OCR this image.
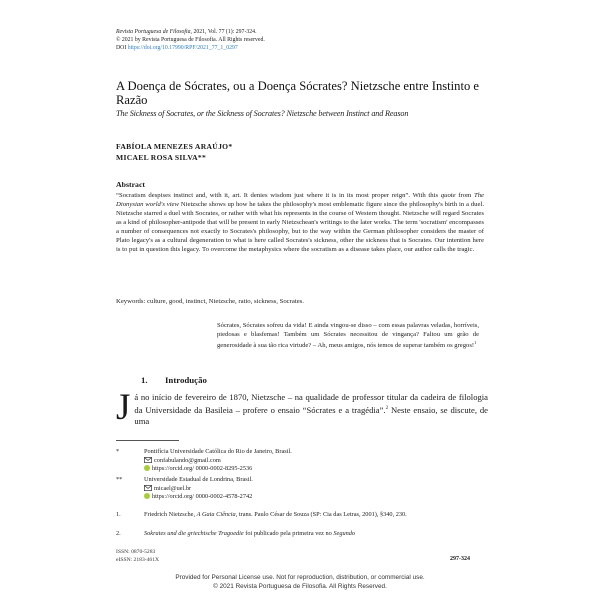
Revista Portuguesa de Filosofia, 2021, Vol. 77 (1): 297-324.
© 2021 by Revista Portuguesa de Filosofia. All Rights reserved.
DOI https://doi.org/10.17990/RPF/2021_77_1_0297
A Doença de Sócrates, ou a Doença Sócrates? Nietzsche entre Instinto e Razão
The Sickness of Socrates, or the Sickness of Socrates? Nietzsche between Instinct and Reason
FABÍOLA MENEZES ARAÚJO*
MICAEL ROSA SILVA**
Abstract
“Socratism despises instinct and, with it, art. It denies wisdom just where it is in its most proper reign”. With this quote from The Dionysian world's view Nietzsche shows up how he takes the philosophy's most emblematic figure since the philosophy's birth in a duel. Nietzsche starred a duel with Socrates, or rather with what his represents in the course of Western thought. Nietzsche will regard Socrates as a kind of philosopher-antipode that will be present in early Nietzschean's writings to the later works. The term 'socratism' encompasses a number of consequences not exactly to Socrates's philosophy, but to the way within the German philosopher considers the master of Plato legacy's as a cultural degeneration to what is here called Socrates's sickness, other the sickness that is Socrates. Our intention here is to put in question this legacy. To overcome the metaphysics where the socratism as a disease takes place, our author calls the tragic.
Keywords: culture, good, instinct, Nietzsche, ratio, sickness, Socrates.
Sócrates, Sócrates sofreu da vida! E ainda vingou-se disso – com essas palavras veladas, horríveis, piedosas e blasfemas! Também um Sócrates necessitou de vingança? Faltou um grão de generosidade à sua tão rica virtude? – Ah, meus amigos, nós temos de superar também os gregos!$^1$
1. Introdução
Já no início de fevereiro de 1870, Nietzsche – na qualidade de professor titular da cadeira de filologia da Universidade da Basileia – profere o ensaio “Sócrates e a tragédia”.$^2$ Neste ensaio, se discute, de uma
*	Pontifícia Universidade Católica do Rio de Janeiro, Brasil.
confabulando@gmail.com
https://orcid.org/ 0000-0002-8295-2536
**	Universidade Estadual de Londrina, Brasil.
micael@uel.br
https://orcid.org/ 0000-0002-4578-2742
1.	Friedrich Nietzsche, A Gaia Ciência, trans. Paulo César de Souza (SP: Cia das Letras, 2001), §340, 230.
2.	Sokrates und die griechische Tragoedie foi publicado pela primeira vez no Segundo
ISSN: 0870-5283
eISSN: 2183-461X	297-324
Provided for Personal License use. Not for reproduction, distribution, or commercial use.
© 2021 Revista Portuguesa de Filosofia. All Rights Reserved.
